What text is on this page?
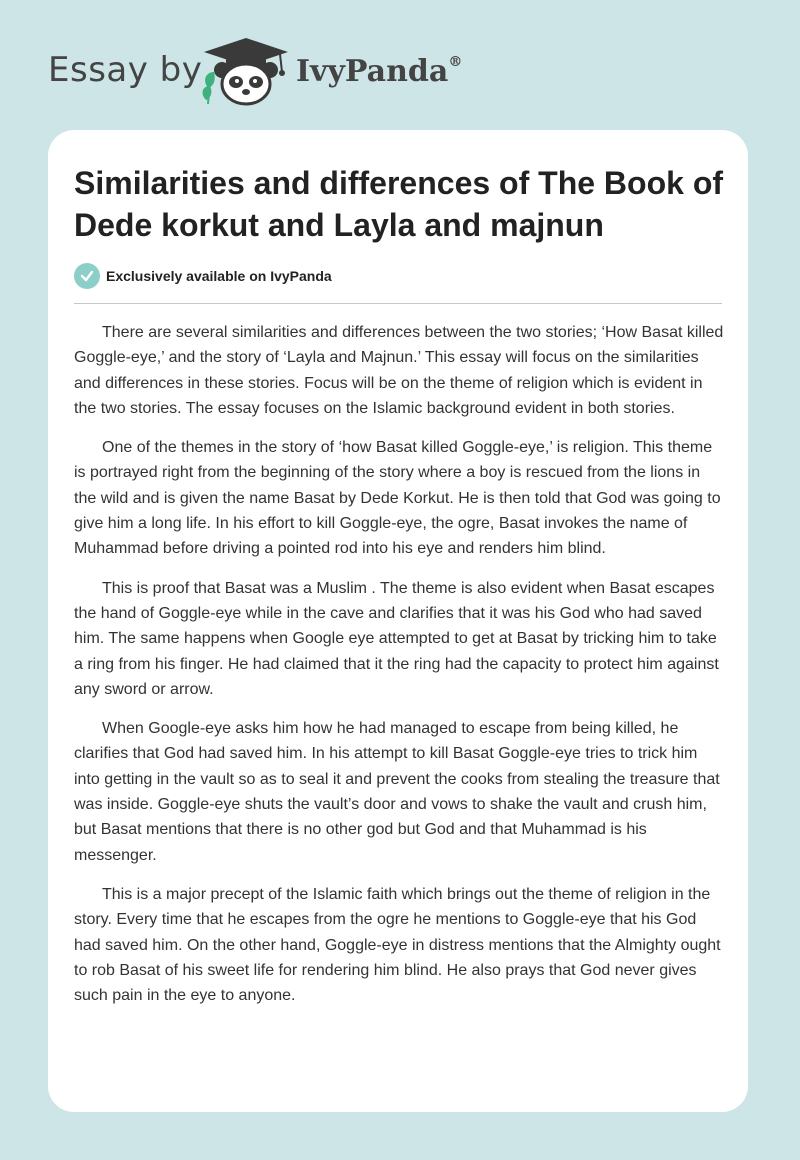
Essay by	IvyPanda®
Similarities and differences of The Book of Dede korkut and Layla and majnun
Exclusively available on IvyPanda

There are several similarities and differences between the two stories; ‘How Basat killed Goggle-eye,’ and the story of ‘Layla and Majnun.’ This essay will focus on the similarities and differences in these stories. Focus will be on the theme of religion which is evident in the two stories. The essay focuses on the Islamic background evident in both stories.

One of the themes in the story of ‘how Basat killed Goggle-eye,’ is religion. This theme is portrayed right from the beginning of the story where a boy is rescued from the lions in the wild and is given the name Basat by Dede Korkut. He is then told that God was going to give him a long life. In his effort to kill Goggle-eye, the ogre, Basat invokes the name of Muhammad before driving a pointed rod into his eye and renders him blind.

This is proof that Basat was a Muslim . The theme is also evident when Basat escapes the hand of Goggle-eye while in the cave and clarifies that it was his God who had saved him. The same happens when Google eye attempted to get at Basat by tricking him to take a ring from his finger. He had claimed that it the ring had the capacity to protect him against any sword or arrow.

When Google-eye asks him how he had managed to escape from being killed, he clarifies that God had saved him. In his attempt to kill Basat Goggle-eye tries to trick him into getting in the vault so as to seal it and prevent the cooks from stealing the treasure that was inside. Goggle-eye shuts the vault’s door and vows to shake the vault and crush him, but Basat mentions that there is no other god but God and that Muhammad is his messenger.

This is a major precept of the Islamic faith which brings out the theme of religion in the story. Every time that he escapes from the ogre he mentions to Goggle-eye that his God had saved him. On the other hand, Goggle-eye in distress mentions that the Almighty ought to rob Basat of his sweet life for rendering him blind. He also prays that God never gives such pain in the eye to anyone.
